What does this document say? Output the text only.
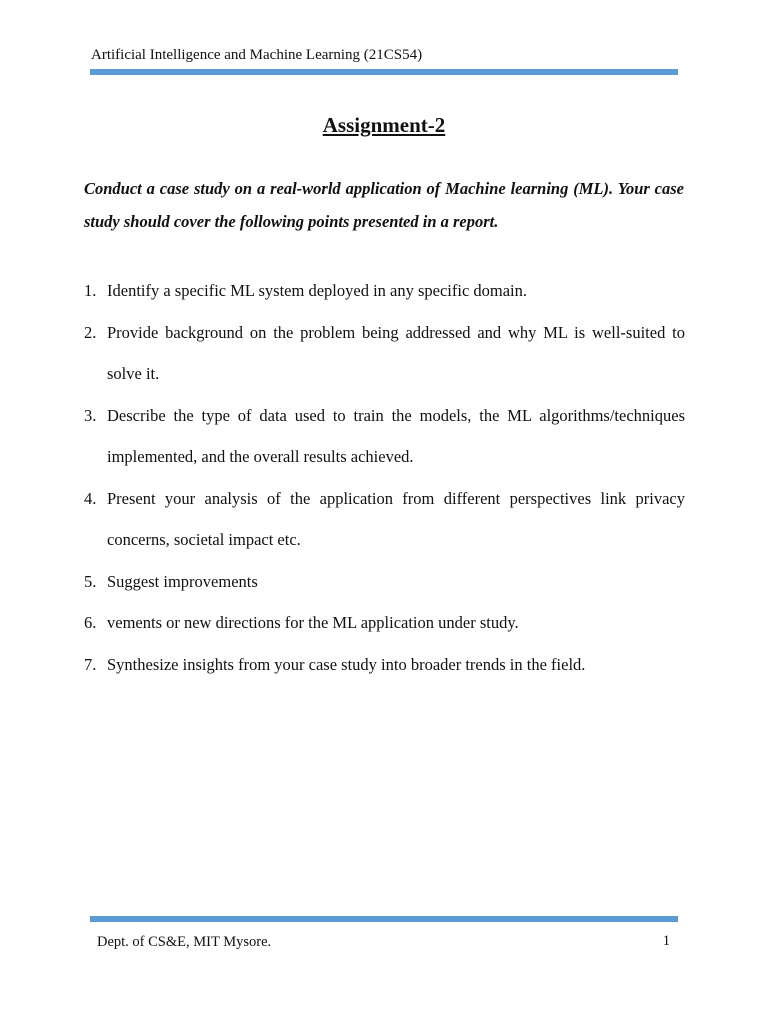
Artificial Intelligence and Machine Learning (21CS54)
Assignment-2
Conduct a case study on a real-world application of Machine learning (ML). Your case study should cover the following points presented in a report.
1. Identify a specific ML system deployed in any specific domain.
2. Provide background on the problem being addressed and why ML is well-suited to solve it.
3. Describe the type of data used to train the models, the ML algorithms/techniques implemented, and the overall results achieved.
4. Present your analysis of the application from different perspectives link privacy concerns, societal impact etc.
5. Suggest improvements
6. vements or new directions for the ML application under study.
7. Synthesize insights from your case study into broader trends in the field.
Dept. of CS&E, MIT Mysore.	1
